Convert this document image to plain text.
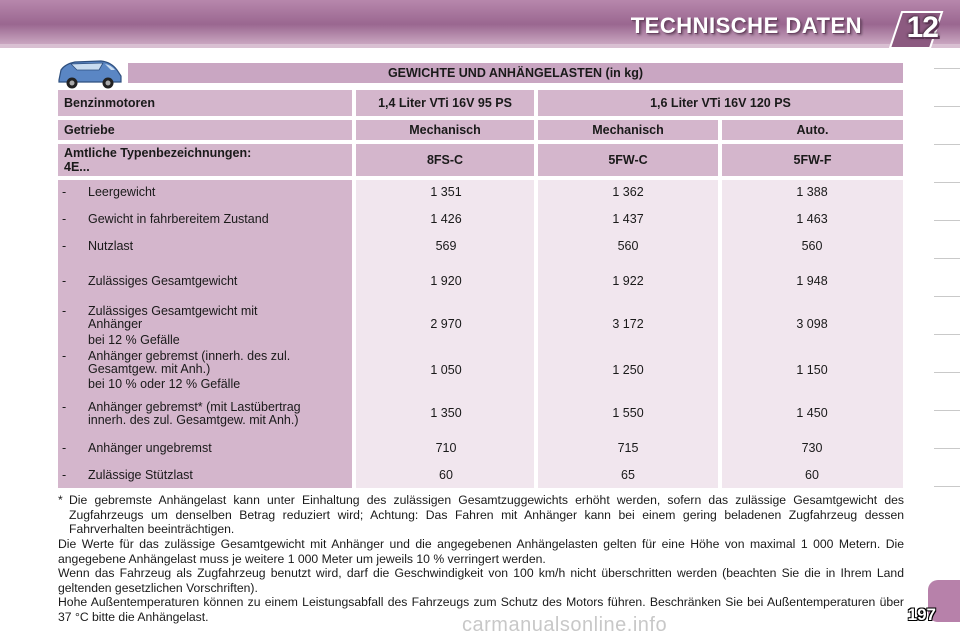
TECHNISCHE DATEN 12
GEWICHTE UND ANHÄNGELASTEN (in kg)
Benzinmotoren	1,4 Liter VTi 16V 95 PS	1,6 Liter VTi 16V 120 PS
Getriebe	Mechanisch	Mechanisch	Auto.
Amtliche Typenbezeichnungen:
4E...	8FS-C	5FW-C	5FW-F
- Leergewicht	1 351	1 362	1 388
- Gewicht in fahrbereitem Zustand	1 426	1 437	1 463
- Nutzlast	569	560	560
- Zulässiges Gesamtgewicht	1 920	1 922	1 948
- Zulässiges Gesamtgewicht mit
Anhänger
bei 12 % Gefälle
2 970	3 172	3 098
- Anhänger gebremst (innerh. des zul.
Gesamtgew. mit Anh.)
bei 10 % oder 12 % Gefälle
1 050	1 250	1 150
- Anhänger gebremst* (mit Lastübertrag
innerh. des zul. Gesamtgew. mit Anh.)	1 350	1 550	1 450
- Anhänger ungebremst	710	715	730
- Zulässige Stützlast	60	65	60
* Die gebremste Anhängelast kann unter Einhaltung des zulässigen Gesamtzuggewichts erhöht werden, sofern das zulässige Gesamtgewicht des Zugfahrzeugs um denselben Betrag reduziert wird; Achtung: Das Fahren mit Anhänger kann bei einem gering beladenen Zugfahrzeug dessen Fahrverhalten beeinträchtigen.
Die Werte für das zulässige Gesamtgewicht mit Anhänger und die angegebenen Anhängelasten gelten für eine Höhe von maximal 1 000 Metern. Die angegebene Anhängelast muss je weitere 1 000 Meter um jeweils 10 % verringert werden.
Wenn das Fahrzeug als Zugfahrzeug benutzt wird, darf die Geschwindigkeit von 100 km/h nicht überschritten werden (beachten Sie die in Ihrem Land geltenden gesetzlichen Vorschriften).
Hohe Außentemperaturen können zu einem Leistungsabfall des Fahrzeugs zum Schutz des Motors führen. Beschränken Sie bei Außentemperaturen über 37 °C bitte die Anhängelast.	197
carmanualsonline.info
